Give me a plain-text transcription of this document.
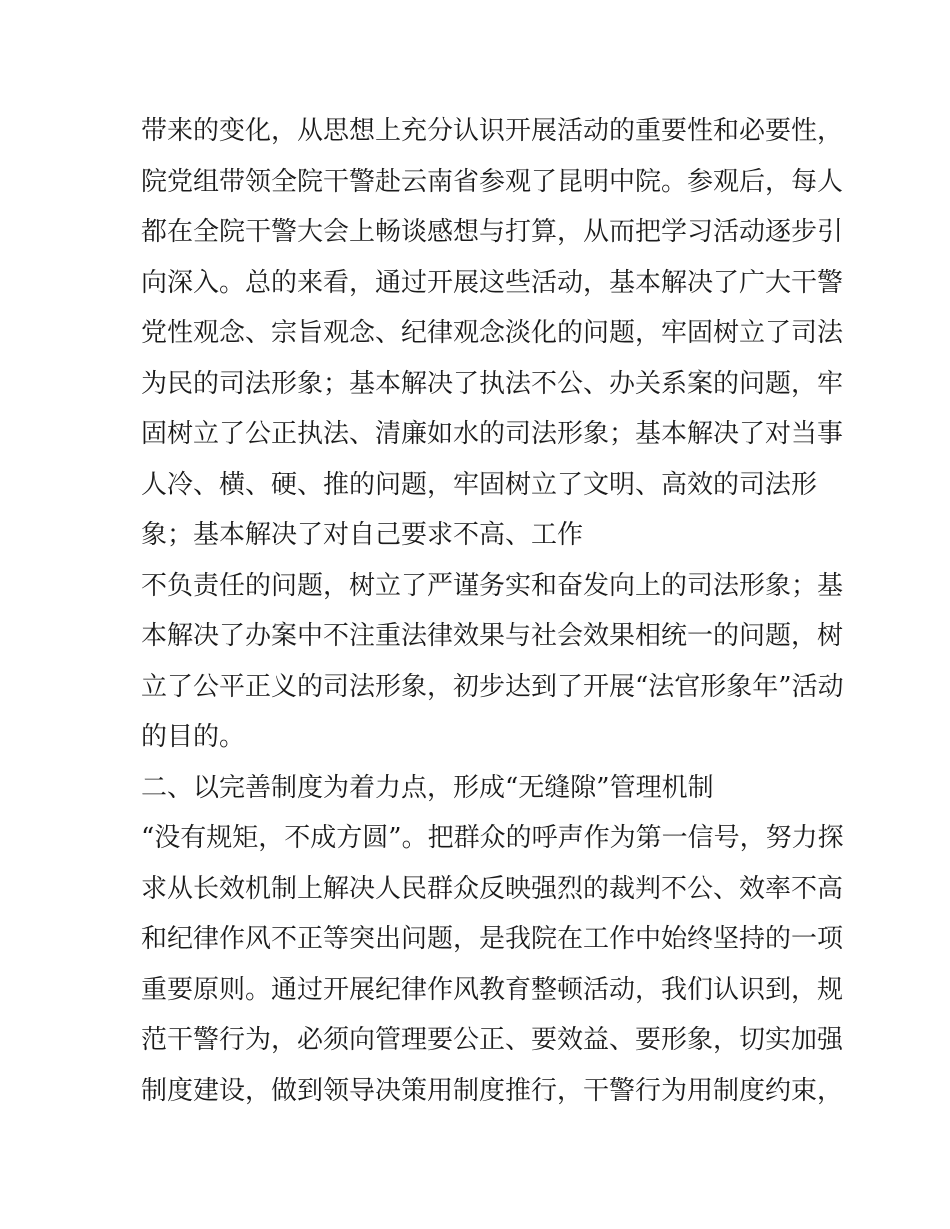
带来的变化，从思想上充分认识开展活动的重要性和必要性，
院党组带领全院干警赴云南省参观了昆明中院。参观后，每人
都在全院干警大会上畅谈感想与打算，从而把学习活动逐步引
向深入。总的来看，通过开展这些活动，基本解决了广大干警
党性观念、宗旨观念、纪律观念淡化的问题，牢固树立了司法
为民的司法形象；基本解决了执法不公、办关系案的问题，牢
固树立了公正执法、清廉如水的司法形象；基本解决了对当事
人冷、横、硬、推的问题，牢固树立了文明、高效的司法形
象；基本解决了对自己要求不高、工作
不负责任的问题，树立了严谨务实和奋发向上的司法形象；基
本解决了办案中不注重法律效果与社会效果相统一的问题，树
立了公平正义的司法形象，初步达到了开展“法官形象年”活动
的目的。
二、以完善制度为着力点，形成“无缝隙”管理机制
“没有规矩，不成方圆”。把群众的呼声作为第一信号，努力探
求从长效机制上解决人民群众反映强烈的裁判不公、效率不高
和纪律作风不正等突出问题，是我院在工作中始终坚持的一项
重要原则。通过开展纪律作风教育整顿活动，我们认识到，规
范干警行为，必须向管理要公正、要效益、要形象，切实加强
制度建设，做到领导决策用制度推行，干警行为用制度约束，
